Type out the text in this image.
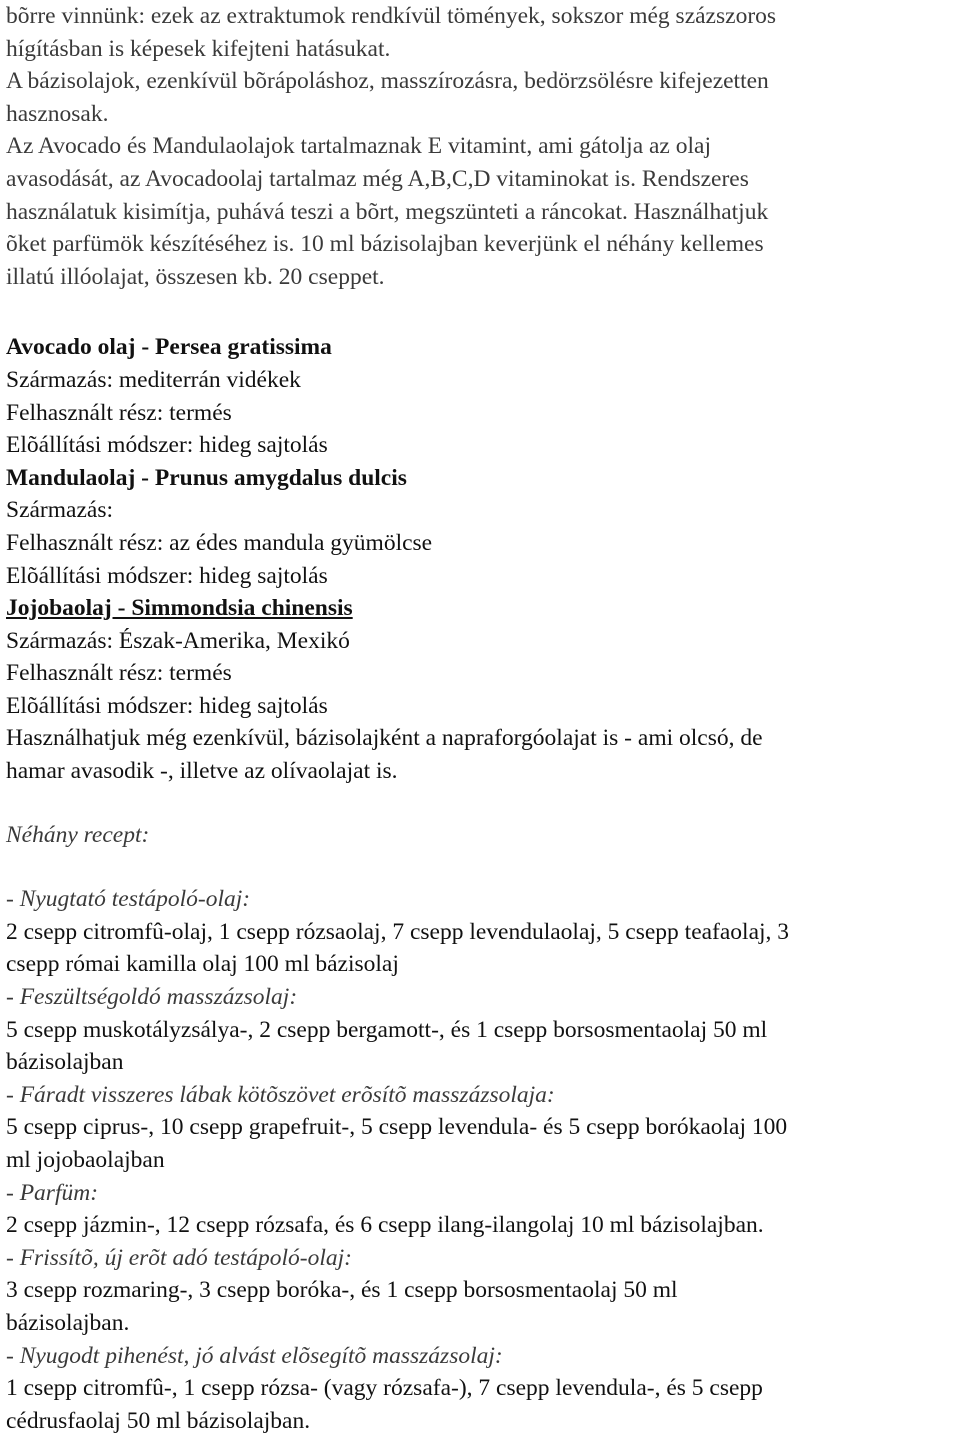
bõrre vinnünk: ezek az extraktumok rendkívül tömények, sokszor még százszoros
hígításban is képesek kifejteni hatásukat.
A bázisolajok, ezenkívül bõrápoláshoz, masszírozásra, bedörzsölésre kifejezetten
hasznosak.
Az Avocado és Mandulaolajok tartalmaznak E vitamint, ami gátolja az olaj
avasodását, az Avocadoolaj tartalmaz még A,B,C,D vitaminokat is. Rendszeres
használatuk kisimítja, puhává teszi a bõrt, megszünteti a ráncokat. Használhatjuk
õket parfümök készítéséhez is. 10 ml bázisolajban keverjünk el néhány kellemes
illatú illóolajat, összesen kb. 20 cseppet.
Avocado olaj - Persea gratissima
Származás: mediterrán vidékek
Felhasznált rész: termés
Elõállítási módszer: hideg sajtolás
Mandulaolaj - Prunus amygdalus dulcis
Származás:
Felhasznált rész: az édes mandula gyümölcse
Elõállítási módszer: hideg sajtolás
Jojobaolaj - Simmondsia chinensis
Származás: Észak-Amerika, Mexikó
Felhasznált rész: termés
Elõállítási módszer: hideg sajtolás
Használhatjuk még ezenkívül, bázisolajként a napraforgóolajat is - ami olcsó, de
hamar avasodik -, illetve az olívaolajat is.
Néhány recept:
- Nyugtató testápoló-olaj:
2 csepp citromfû-olaj, 1 csepp rózsaolaj, 7 csepp levendulaolaj, 5 csepp teafaolaj, 3
csepp római kamilla olaj 100 ml bázisolaj
- Feszültségoldó masszázsolaj:
5 csepp muskotályzsálya-, 2 csepp bergamott-, és 1 csepp borsosmentaolaj 50 ml
bázisolajban
- Fáradt visszeres lábak kötõszövet erõsítõ masszázsolaja:
5 csepp ciprus-, 10 csepp grapefruit-, 5 csepp levendula- és 5 csepp borókaolaj 100
ml jojobaolajban
- Parfüm:
2 csepp jázmin-, 12 csepp rózsafa, és 6 csepp ilang-ilangolaj 10 ml bázisolajban.
- Frissítõ, új erõt adó testápoló-olaj:
3 csepp rozmaring-, 3 csepp boróka-, és 1 csepp borsosmentaolaj 50 ml
bázisolajban.
- Nyugodt pihenést, jó alvást elõsegítõ masszázsolaj:
1 csepp citromfû-, 1 csepp rózsa- (vagy rózsafa-), 7 csepp levendula-, és 5 csepp
cédrusfaolaj 50 ml bázisolajban.
